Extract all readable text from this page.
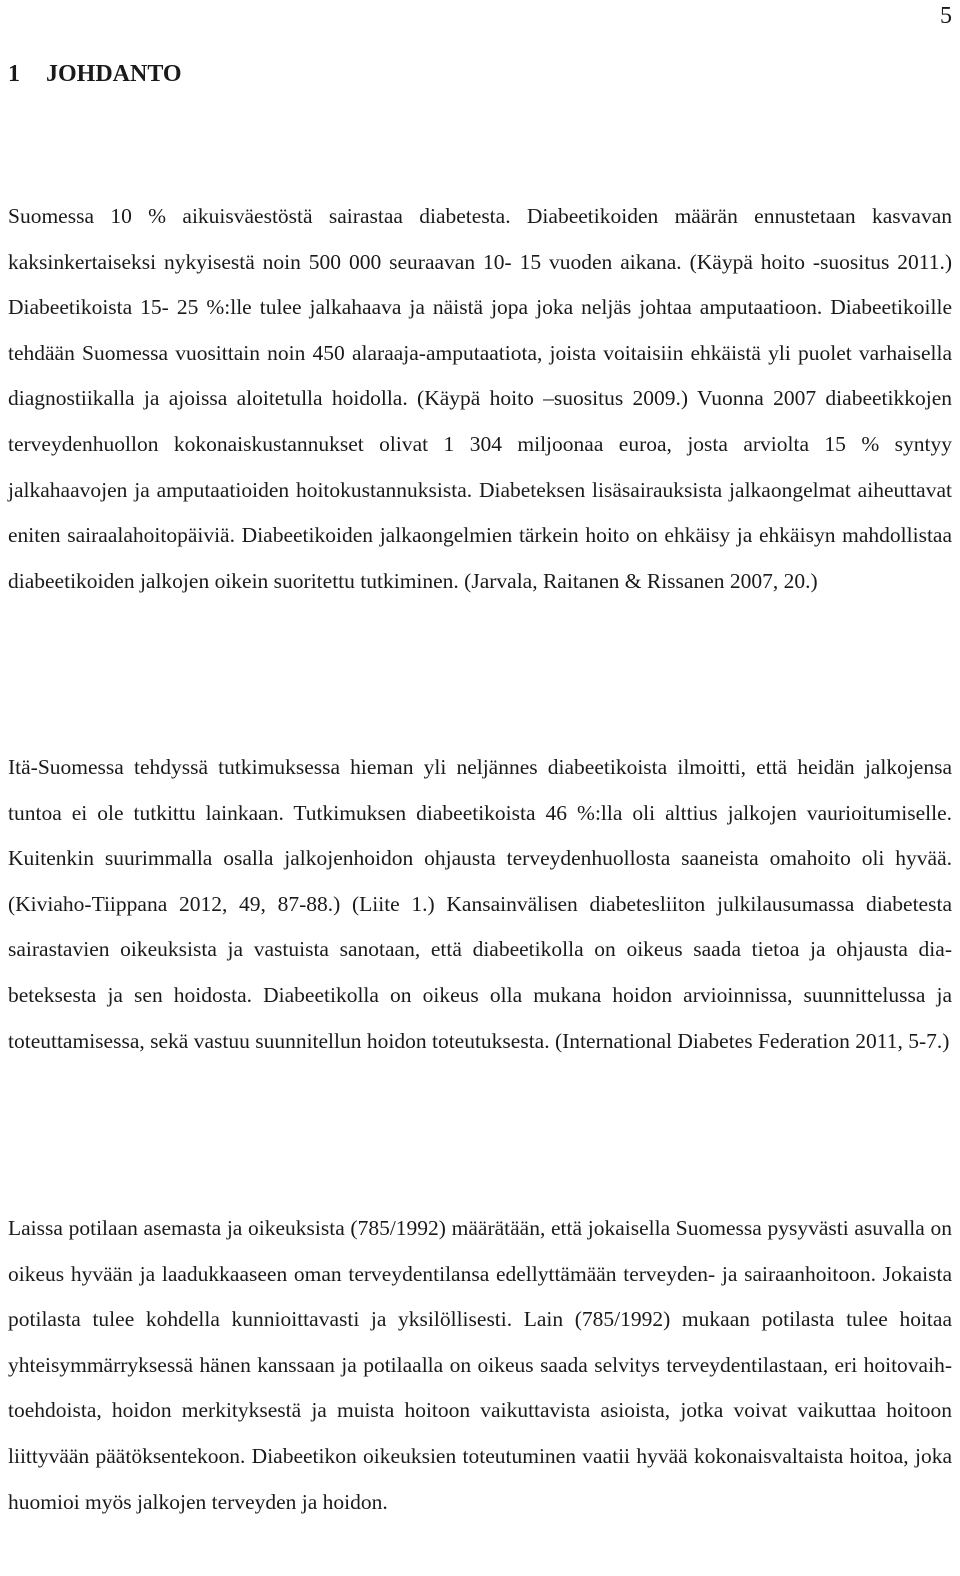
5
1 JOHDANTO

Suomessa 10 % aikuisväestöstä sairastaa diabetesta. Diabeetikoiden määrän ennustetaan kasvavan kaksinkertaiseksi nykyisestä noin 500 000 seuraavan 10- 15 vuoden aikana. (Käypä hoito -suositus 2011.) Diabeetikoista 15- 25 %:lle tulee jalkahaava ja näistä jopa joka neljäs johtaa amputaatioon. Diabeetikoille tehdään Suomessa vuosittain noin 450 alaraaja-amputaatiota, joista voitaisiin ehkäistä yli puolet varhaisella diagnostiikalla ja ajoissa aloitetulla hoidolla. (Käypä hoito –suositus 2009.) Vuonna 2007 diabeetikkojen terveydenhuollon kokonaiskustannukset olivat 1 304 miljoonaa euroa, josta arviolta 15 % syntyy jalkahaavojen ja amputaatioiden hoitokustannuksista. Diabeteksen lisäsairauksista jalkaongelmat aiheuttavat eniten sairaalahoitopäiviä. Diabeetikoiden jalkaongelmien tärkein hoito on ehkäisy ja ehkäisyn mahdollistaa diabeetikoiden jalkojen oikein suoritettu tutkiminen. (Jarvala, Raitanen & Rissanen 2007, 20.)

Itä-Suomessa tehdyssä tutkimuksessa hieman yli neljännes diabeetikoista ilmoitti, että heidän jalkojensa tuntoa ei ole tutkittu lainkaan. Tutkimuksen diabeetikoista 46 %:lla oli alttius jalkojen vaurioitumiselle. Kuitenkin suurimmalla osalla jalkojenhoidon ohjausta terveydenhuollosta saaneista omahoito oli hyvää. (Kiviaho-Tiippana 2012, 49, 87-88.) (Liite 1.) Kansainvälisen diabetesliiton julkilausumassa diabetesta sairastavien oikeuksista ja vastuista sanotaan, että diabeetikolla on oikeus saada tietoa ja ohjausta diabeteksesta ja sen hoidosta. Diabeetikolla on oikeus olla mukana hoidon arvioinnissa, suunnittelussa ja toteuttamisessa, sekä vastuu suunnitellun hoidon toteutuksesta. (International Diabetes Federation 2011, 5-7.)

Laissa potilaan asemasta ja oikeuksista (785/1992) määrätään, että jokaisella Suomessa pysyvästi asuvalla on oikeus hyvään ja laadukkaaseen oman terveydentilansa edellyttämään terveyden- ja sairaanhoitoon. Jokaista potilasta tulee kohdella kunnioittavasti ja yksilöllisesti. Lain (785/1992) mukaan potilasta tulee hoitaa yhteisymmärryksessä hänen kanssaan ja potilaalla on oikeus saada selvitys terveydentilastaan, eri hoitovaihtoehdoista, hoidon merkityksestä ja muista hoitoon vaikuttavista asioista, jotka voivat vaikuttaa hoitoon liittyvään päätöksentekoon. Diabeetikon oikeuksien toteutuminen vaatii hyvää kokonaisvaltaista hoitoa, joka huomioi myös jalkojen terveyden ja hoidon.
